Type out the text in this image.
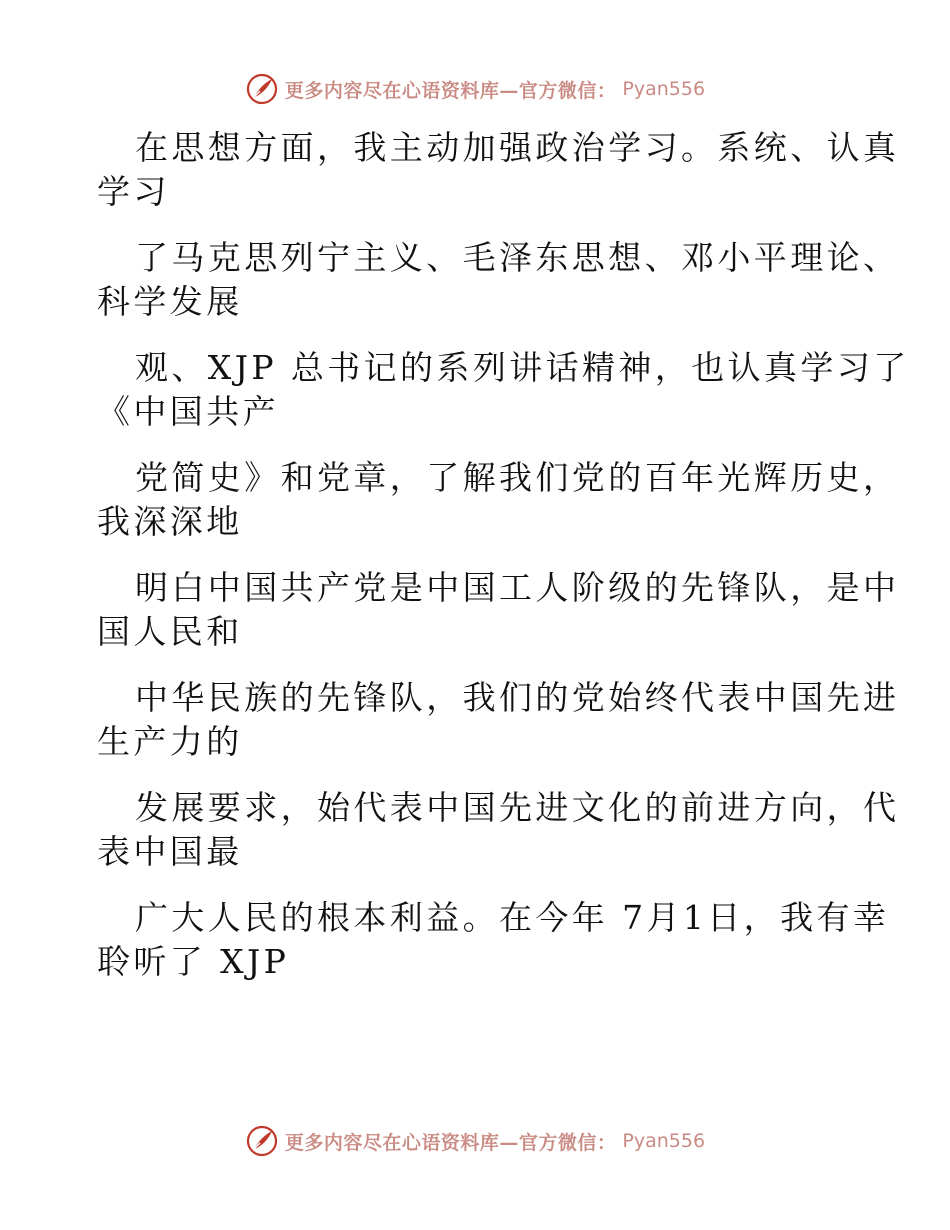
更多内容尽在心语资料库—官方微信： Pyan556
在思想方面，我主动加强政治学习。系统、认真
学习
了马克思列宁主义、毛泽东思想、邓小平理论、
科学发展
观、XJP 总书记的系列讲话精神，也认真学习了
《中国共产
党简史》和党章，了解我们党的百年光辉历史，
我深深地
明白中国共产党是中国工人阶级的先锋队，是中
国人民和
中华民族的先锋队，我们的党始终代表中国先进
生产力的
发展要求，始代表中国先进文化的前进方向，代
表中国最
广大人民的根本利益。在今年 7月1日，我有幸
聆听了 XJP
更多内容尽在心语资料库—官方微信： Pyan556
